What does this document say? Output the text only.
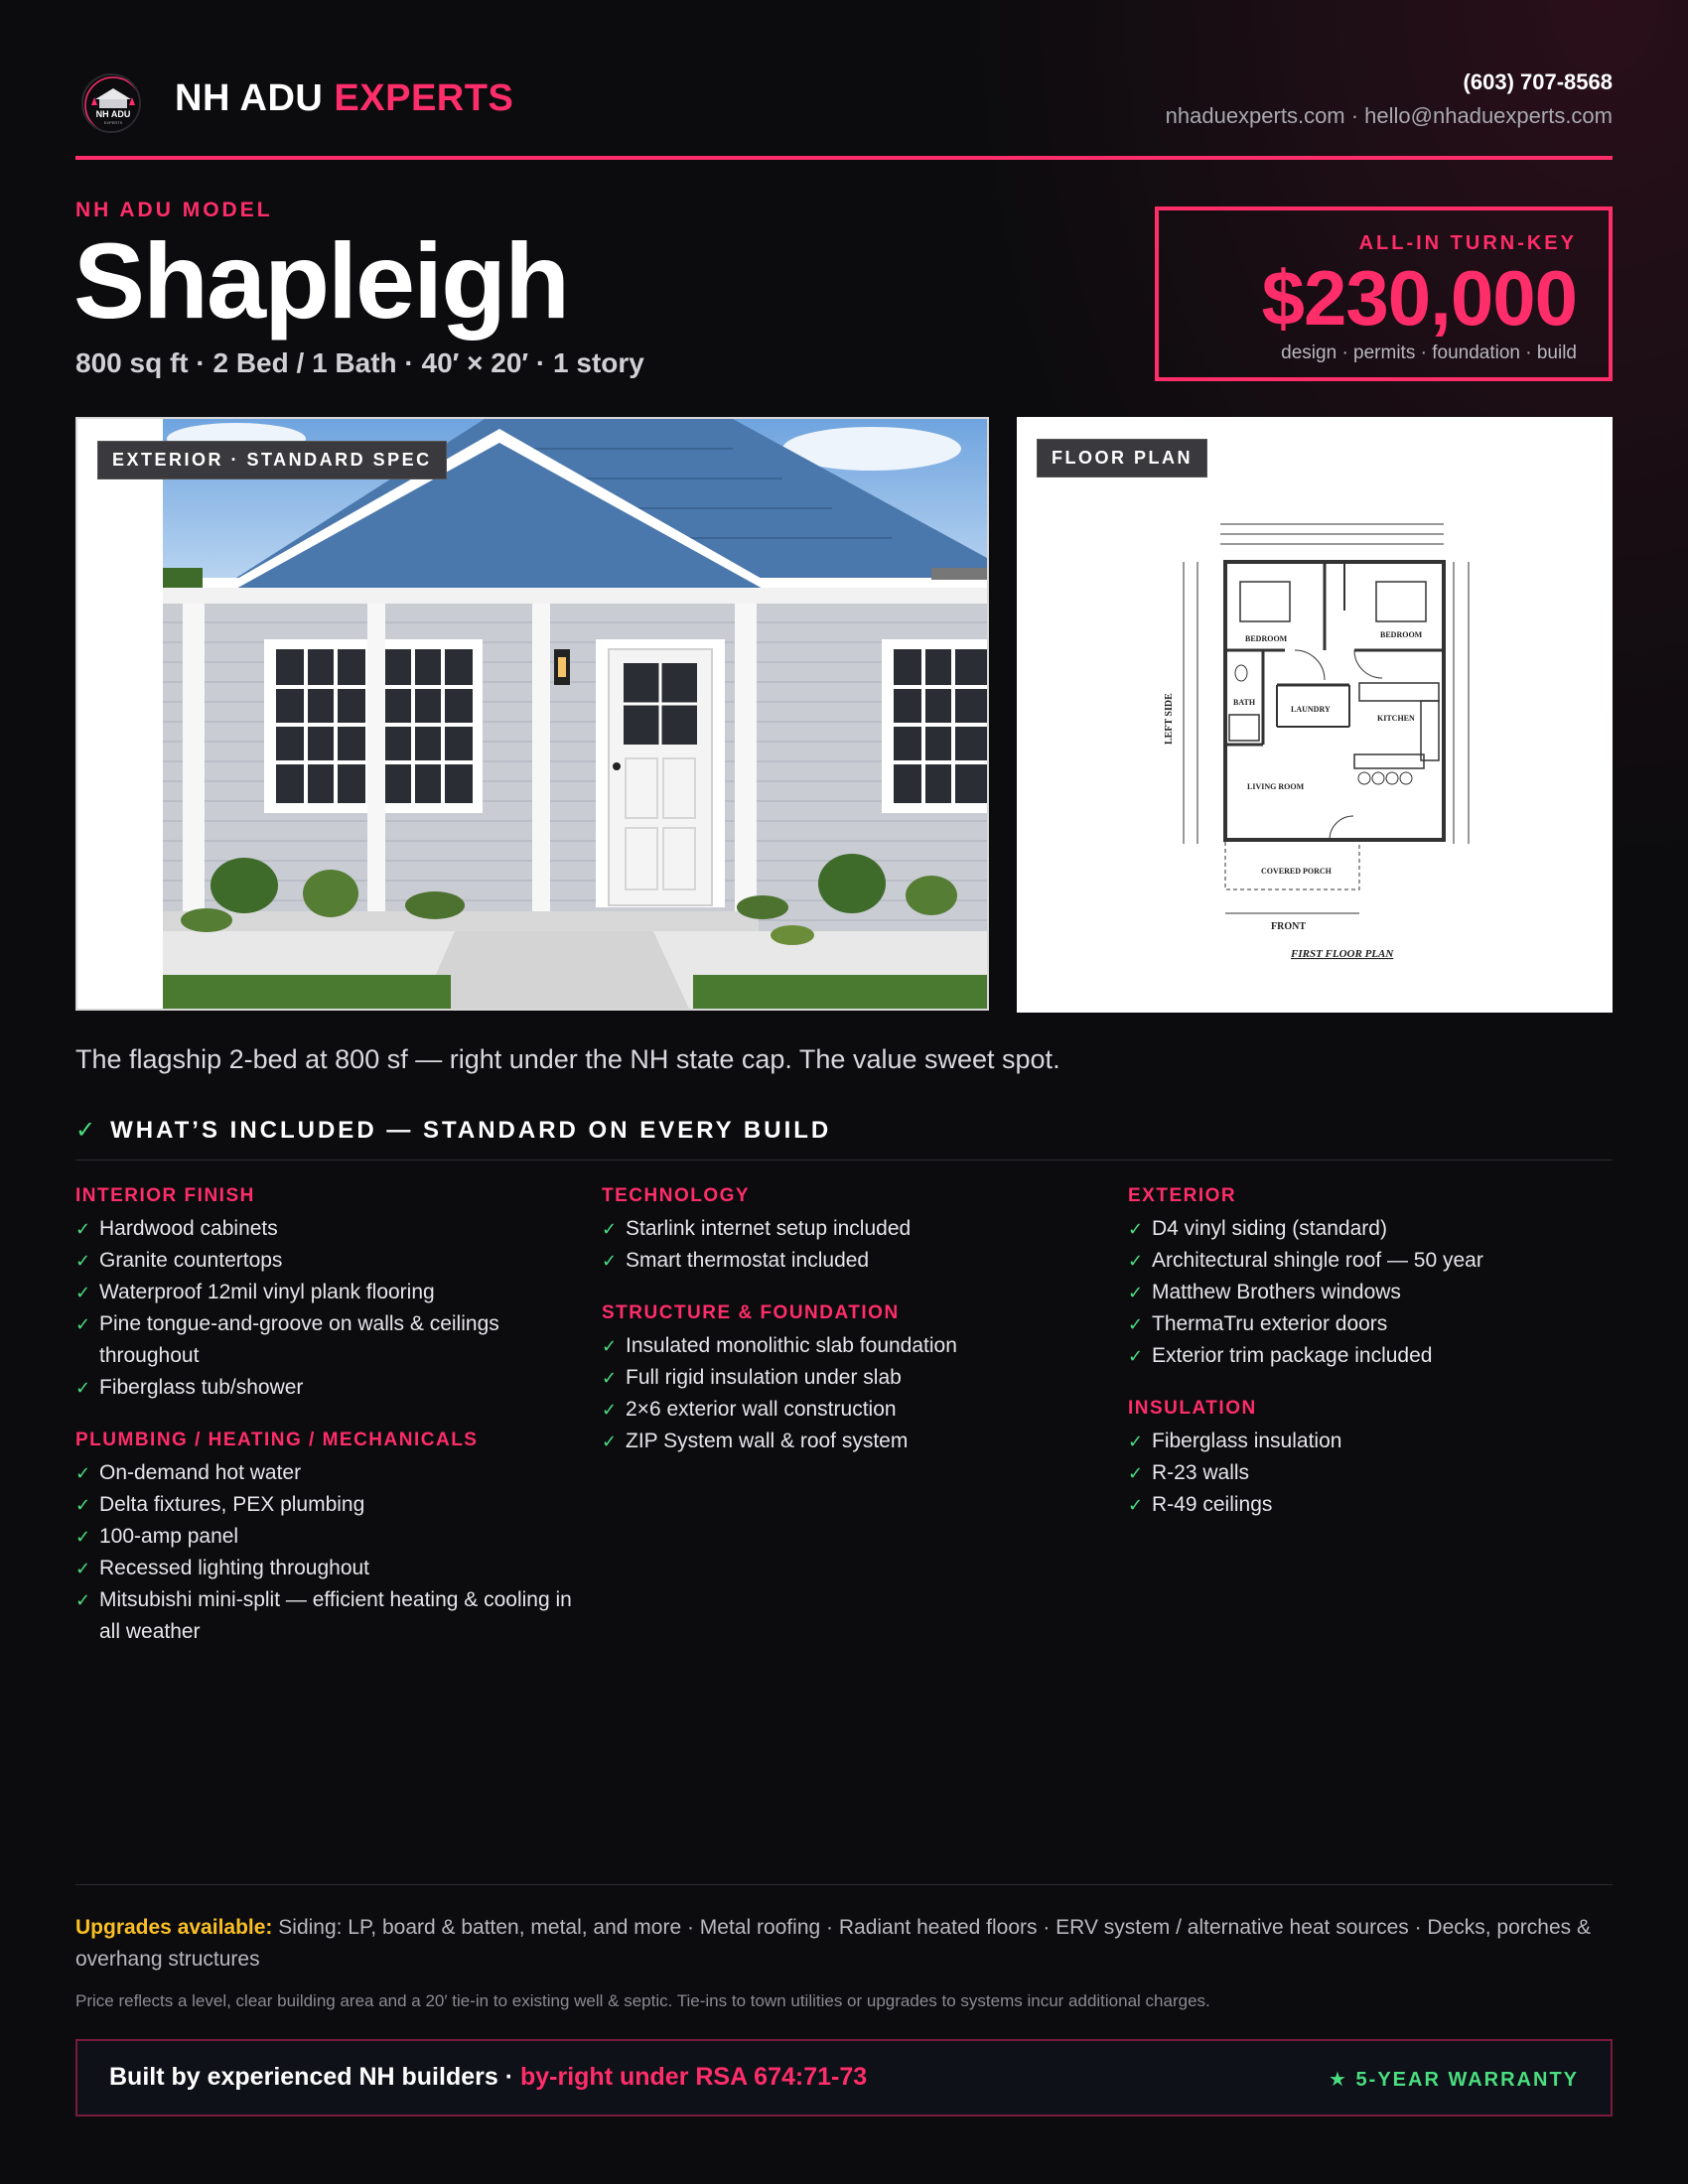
NH ADU
EXPERTS
NH ADU EXPERTS	(603) 707-8568
nhaduexperts.com · hello@nhaduexperts.com
NH ADU MODEL
Shapleigh
800 sq ft · 2 Bed / 1 Bath · 40′ × 20′ · 1 story
ALL-IN TURN-KEY
$230,000
design · permits · foundation · build
EXTERIOR · STANDARD SPEC	FLOOR PLAN
BEDROOM	BEDROOM
BATH
LAUNDRY
KITCHEN
LIVING ROOM
COVERED PORCH
FRONT
LEFT SIDE
FIRST FLOOR PLAN
The flagship 2-bed at 800 sf — right under the NH state cap. The value sweet spot.
✓ WHAT’S INCLUDED — STANDARD ON EVERY BUILD
INTERIOR FINISH
✓ Hardwood cabinets
✓ Granite countertops
✓ Waterproof 12mil vinyl plank flooring
✓ Pine tongue-and-groove on walls & ceilings throughout
✓ Fiberglass tub/shower
PLUMBING / HEATING / MECHANICALS
✓ On-demand hot water
✓ Delta fixtures, PEX plumbing
✓ 100-amp panel
✓ Recessed lighting throughout
✓ Mitsubishi mini-split — efficient heating & cooling in all weather
TECHNOLOGY
✓ Starlink internet setup included
✓ Smart thermostat included
STRUCTURE & FOUNDATION
✓ Insulated monolithic slab foundation
✓ Full rigid insulation under slab
✓ 2×6 exterior wall construction
✓ ZIP System wall & roof system
EXTERIOR
✓ D4 vinyl siding (standard)
✓ Architectural shingle roof — 50 year
✓ Matthew Brothers windows
✓ ThermaTru exterior doors
✓ Exterior trim package included
INSULATION
✓ Fiberglass insulation
✓ R-23 walls
✓ R-49 ceilings
Upgrades available: Siding: LP, board & batten, metal, and more · Metal roofing · Radiant heated floors · ERV system / alternative heat sources · Decks, porches & overhang structures
Price reflects a level, clear building area and a 20′ tie-in to existing well & septic. Tie-ins to town utilities or upgrades to systems incur additional charges.
Built by experienced NH builders · by-right under RSA 674:71-73	★ 5-YEAR WARRANTY
